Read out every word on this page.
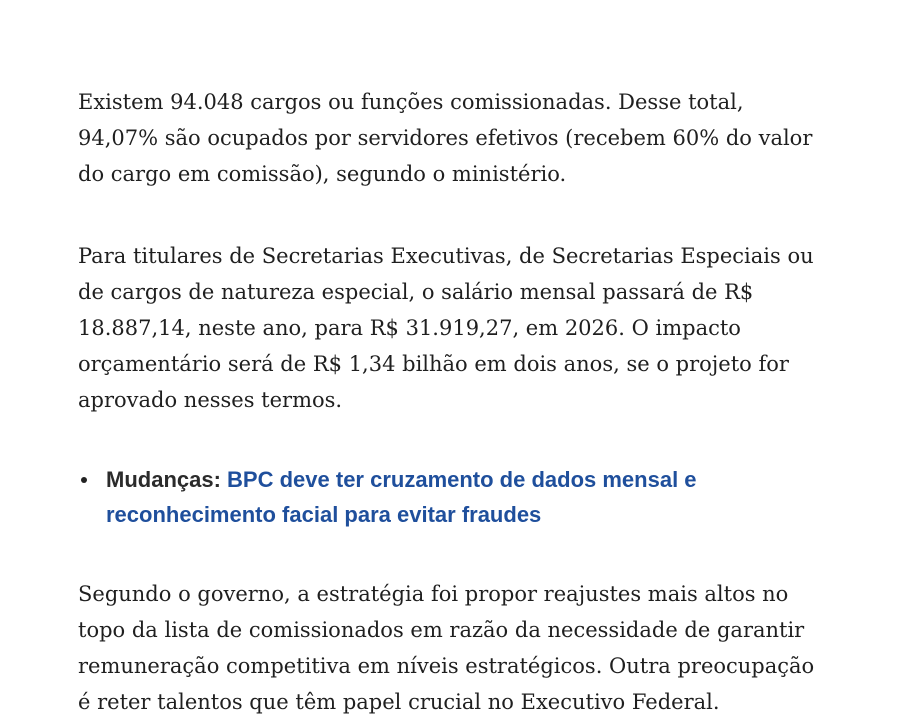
Existem 94.048 cargos ou funções comissionadas. Desse total, 94,07% são ocupados por servidores efetivos (recebem 60% do valor do cargo em comissão), segundo o ministério.

Para titulares de Secretarias Executivas, de Secretarias Especiais ou de cargos de natureza especial, o salário mensal passará de R$ 18.887,14, neste ano, para R$ 31.919,27, em 2026. O impacto orçamentário será de R$ 1,34 bilhão em dois anos, se o projeto for aprovado nesses termos.

Mudanças: BPC deve ter cruzamento de dados mensal e reconhecimento facial para evitar fraudes

Segundo o governo, a estratégia foi propor reajustes mais altos no topo da lista de comissionados em razão da necessidade de garantir remuneração competitiva em níveis estratégicos. Outra preocupação é reter talentos que têm papel crucial no Executivo Federal.
